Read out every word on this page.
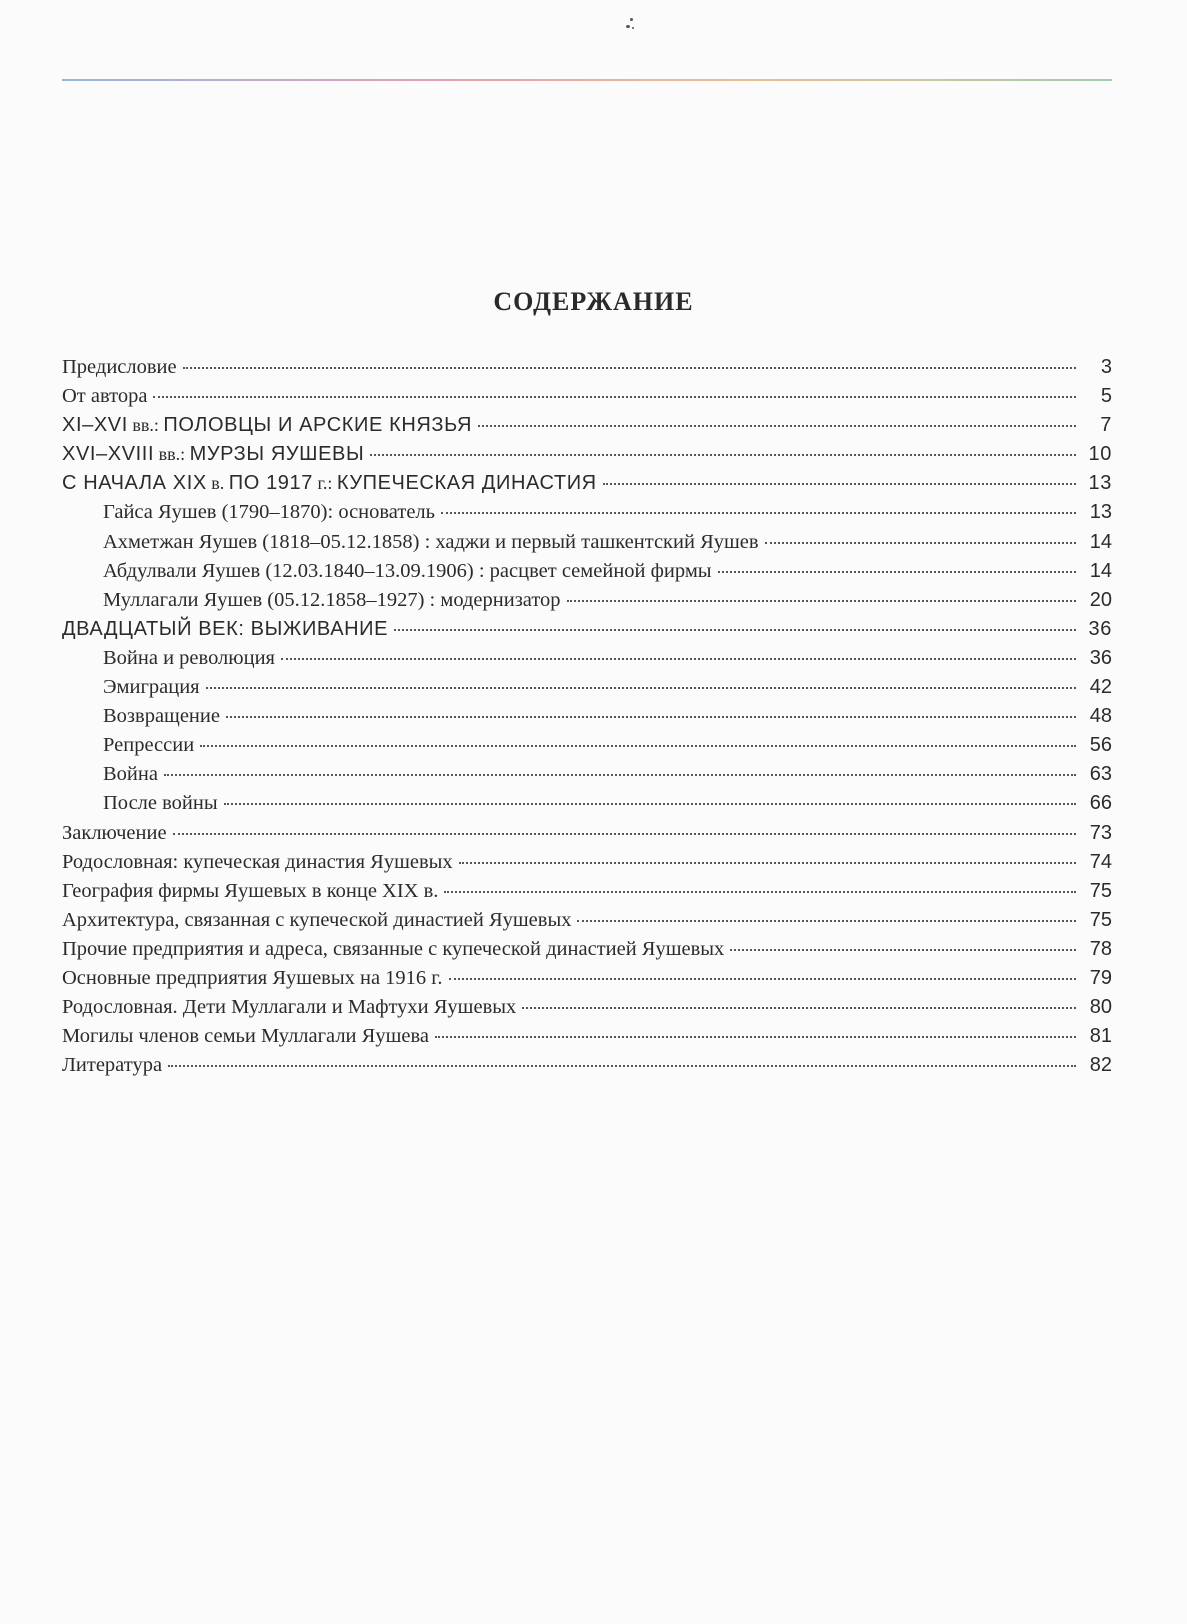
СОДЕРЖАНИЕ
Предисловие	3
От автора	5
XI–XVI вв.: ПОЛОВЦЫ И АРСКИЕ КНЯЗЬЯ	7
XVI–XVIII вв.: МУРЗЫ ЯУШЕВЫ	10
С НАЧАЛА XIX в. ПО 1917 г.: КУПЕЧЕСКАЯ ДИНАСТИЯ	13
Гайса Яушев (1790–1870): основатель	13
Ахметжан Яушев (1818–05.12.1858) : хаджи и первый ташкентский Яушев	14
Абдулвали Яушев (12.03.1840–13.09.1906) : расцвет семейной фирмы	14
Муллагали Яушев (05.12.1858–1927) : модернизатор	20
ДВАДЦАТЫЙ ВЕК: ВЫЖИВАНИЕ	36
Война и революция	36
Эмиграция	42
Возвращение	48
Репрессии	56
Война	63
После войны	66
Заключение	73
Родословная: купеческая династия Яушевых	74
География фирмы Яушевых в конце XIX в.	75
Архитектура, связанная с купеческой династией Яушевых	75
Прочие предприятия и адреса, связанные с купеческой династией Яушевых	78
Основные предприятия Яушевых на 1916 г.	79
Родословная. Дети Муллагали и Мафтухи Яушевых	80
Могилы членов семьи Муллагали Яушева	81
Литература	82
